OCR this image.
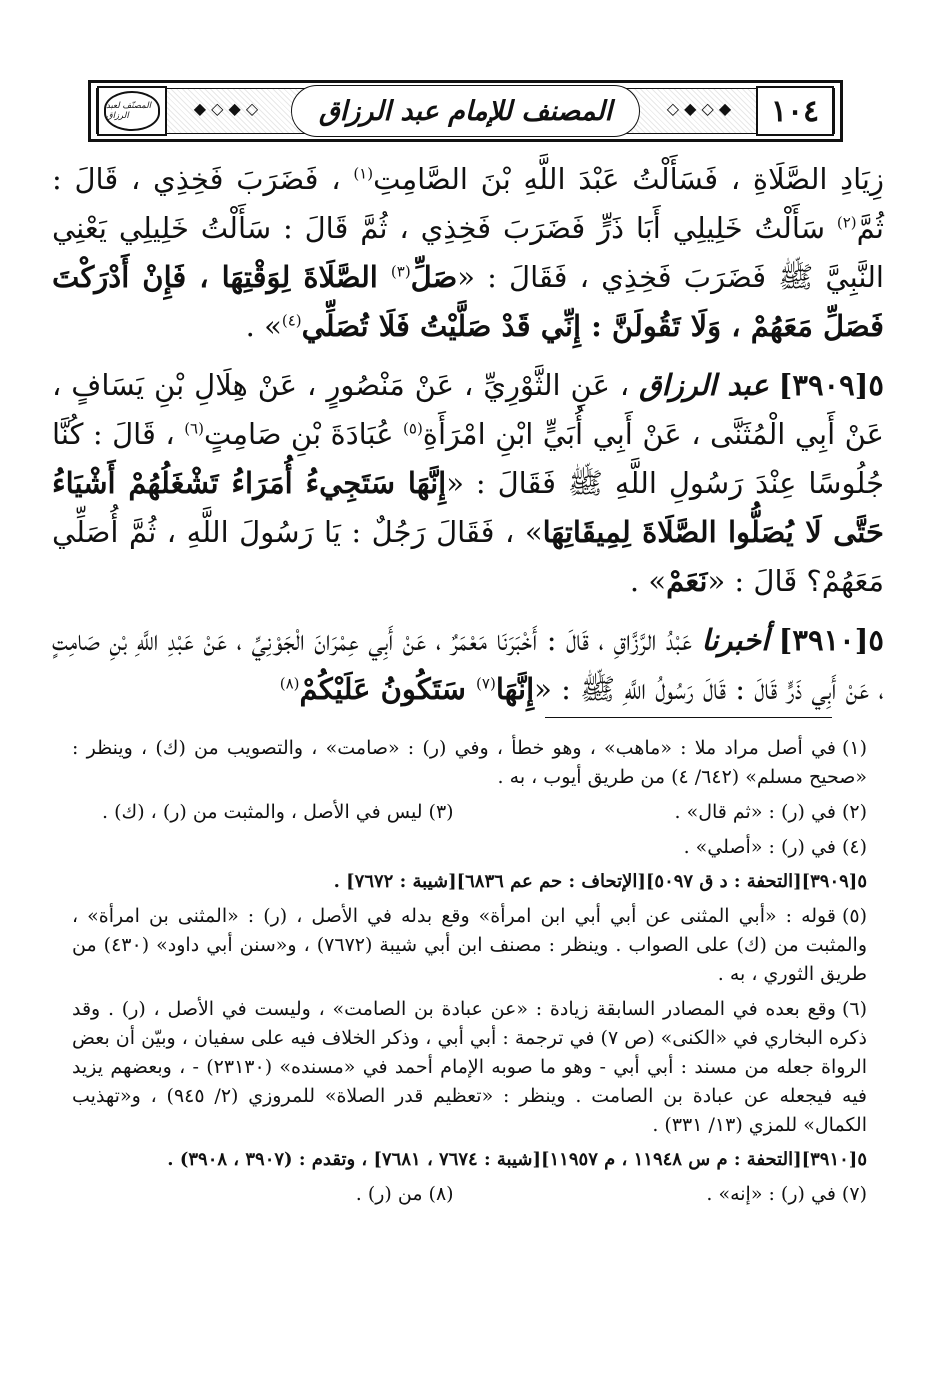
المصنّف لعبد الرزاق	◆ ◇ ◆ ◇	المصنف للإمام عبد الرزاق	◇ ◆ ◇ ◆	١٠٤

زِيَادِ الصَّلَاةِ ، فَسَأَلْتُ عَبْدَ اللَّهِ بْنَ الصَّامِتِ$^{(١)}$ ، فَضَرَبَ فَخِذِي ، قَالَ : ثُمَّ$^{(٢)}$ سَأَلْتُ خَلِيلِي أَبَا ذَرٍّ فَضَرَبَ فَخِذِي ، ثُمَّ قَالَ : سَأَلْتُ خَلِيلِي يَعْنِي النَّبِيَّ ﷺ فَضَرَبَ فَخِذِي ، فَقَالَ : «صَلِّ$^{(٣)}$ الصَّلَاةَ لِوَقْتِهَا ، فَإِنْ أَدْرَكْتَ فَصَلِّ مَعَهُمْ ، وَلَا تَقُولَنَّ : إِنِّي قَدْ صَلَّيْتُ فَلَا تُصَلِّي$^{(٤)}$» .

٥[٣٩٠٩] عبد الرزاق ، عَنِ الثَّوْرِيِّ ، عَنْ مَنْصُورٍ ، عَنْ هِلَالِ بْنِ يَسَافٍ ، عَنْ أَبِي الْمُثَنَّى ، عَنْ أَبِي أُبَيٍّ ابْنِ امْرَأَةِ$^{(٥)}$ عُبَادَةَ بْنِ صَامِتٍ$^{(٦)}$ ، قَالَ : كُنَّا جُلُوسًا عِنْدَ رَسُولِ اللَّهِ ﷺ فَقَالَ : «إِنَّهَا سَتَجِيءُ أُمَرَاءُ تَشْغَلُهُمْ أَشْيَاءُ حَتَّى لَا يُصَلُّوا الصَّلَاةَ لِمِيقَاتِهَا» ، فَقَالَ رَجُلٌ : يَا رَسُولَ اللَّهِ ، ثُمَّ أُصَلِّي مَعَهُمْ؟ قَالَ : «نَعَمْ» .

٥[٣٩١٠] أخبرنا عَبْدُ الرَّزَّاقِ ، قَالَ : أَخْبَرَنَا مَعْمَرٌ ، عَنْ أَبِي عِمْرَانَ الْجَوْنِيِّ ، عَنْ عَبْدِ اللَّهِ بْنِ صَامِتٍ ، عَنْ أَبِي ذَرٍّ قَالَ : قَالَ رَسُولُ اللَّهِ ﷺ : «إِنَّهَا$^{(٧)}$ سَتَكُونُ عَلَيْكُمْ$^{(٨)}$

(١)في أصل مراد ملا : «ماهب» ، وهو خطأ ، وفي (ر) : «صامت» ، والتصويب من (ك) ، وينظر : «صحيح مسلم» (٦٤٢/ ٤) من طريق أيوب ، به .

(٢) في (ر) : «ثم قال» .
(٣) ليس في الأصل ، والمثبت من (ر) ، (ك) .

(٤) في (ر) : «أصلي» .

٥[٣٩٠٩][التحفة : د ق ٥٠٩٧][الإتحاف : حم عم ٦٨٣٦][شيبة : ٧٦٧٢] .

(٥)قوله : «أبي المثنى عن أبي أبي ابن امرأة» وقع بدله في الأصل ، (ر) : «المثنى بن امرأة» ، والمثبت من (ك) على الصواب . وينظر : مصنف ابن أبي شيبة (٧٦٧٢) ، و«سنن أبي داود» (٤٣٠) من طريق الثوري ، به .

(٦)وقع بعده في المصادر السابقة زيادة : «عن عبادة بن الصامت» ، وليست في الأصل ، (ر) . وقد ذكره البخاري في «الكنى» (ص ٧) في ترجمة : أبي أبي ، وذكر الخلاف فيه على سفيان ، وبيّن أن بعض الرواة جعله من مسند : أبي أبي - وهو ما صوبه الإمام أحمد في «مسنده» (٢٣١٣٠) - ، وبعضهم يزيد فيه فيجعله عن عبادة بن الصامت . وينظر : «تعظيم قدر الصلاة» للمروزي (٢/ ٩٤٥) ، و«تهذيب الكمال» للمزي (١٣/ ٣٣١) .

٥[٣٩١٠][التحفة : م س ١١٩٤٨ ، م ١١٩٥٧][شيبة : ٧٦٧٤ ، ٧٦٨١] ، وتقدم : (٣٩٠٧ ، ٣٩٠٨) .

(٧) في (ر) : «إنه» .
(٨) من (ر) .
